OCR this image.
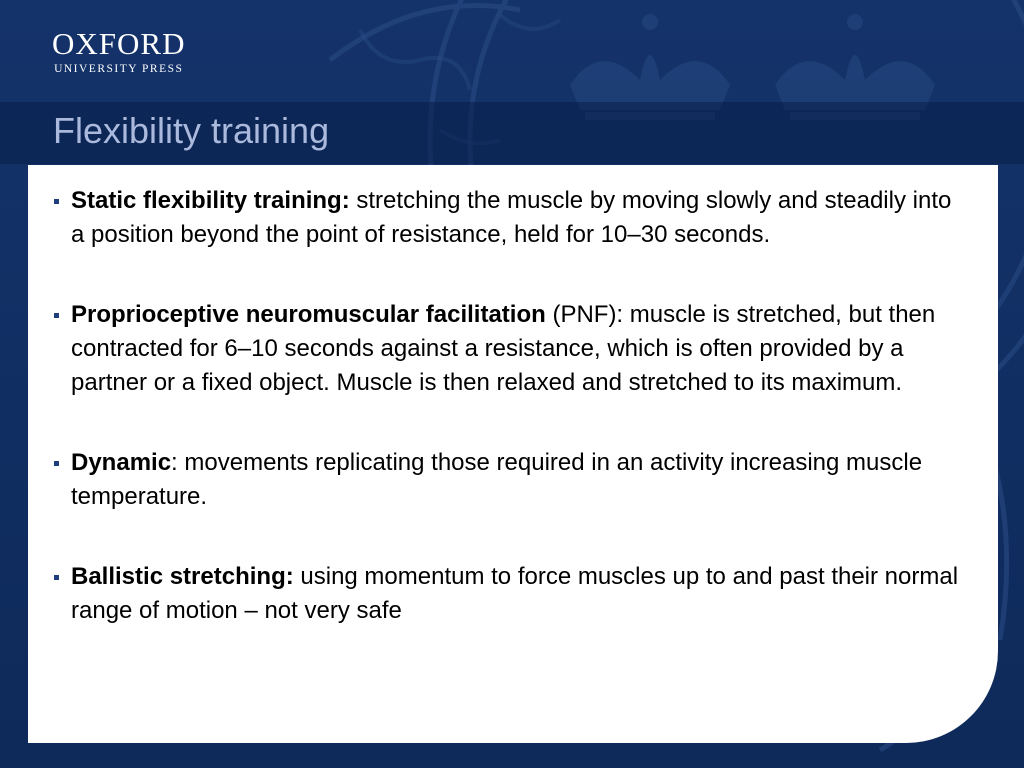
OXFORD
UNIVERSITY PRESS
Flexibility training
Static flexibility training: stretching the muscle by moving slowly and steadily into a position beyond the point of resistance, held for 10–30 seconds.
Proprioceptive neuromuscular facilitation (PNF): muscle is stretched, but then contracted for 6–10 seconds against a resistance, which is often provided by a partner or a fixed object. Muscle is then relaxed and stretched to its maximum.
Dynamic: movements replicating those required in an activity increasing muscle temperature.
Ballistic stretching: using momentum to force muscles up to and past their normal range of motion – not very safe
